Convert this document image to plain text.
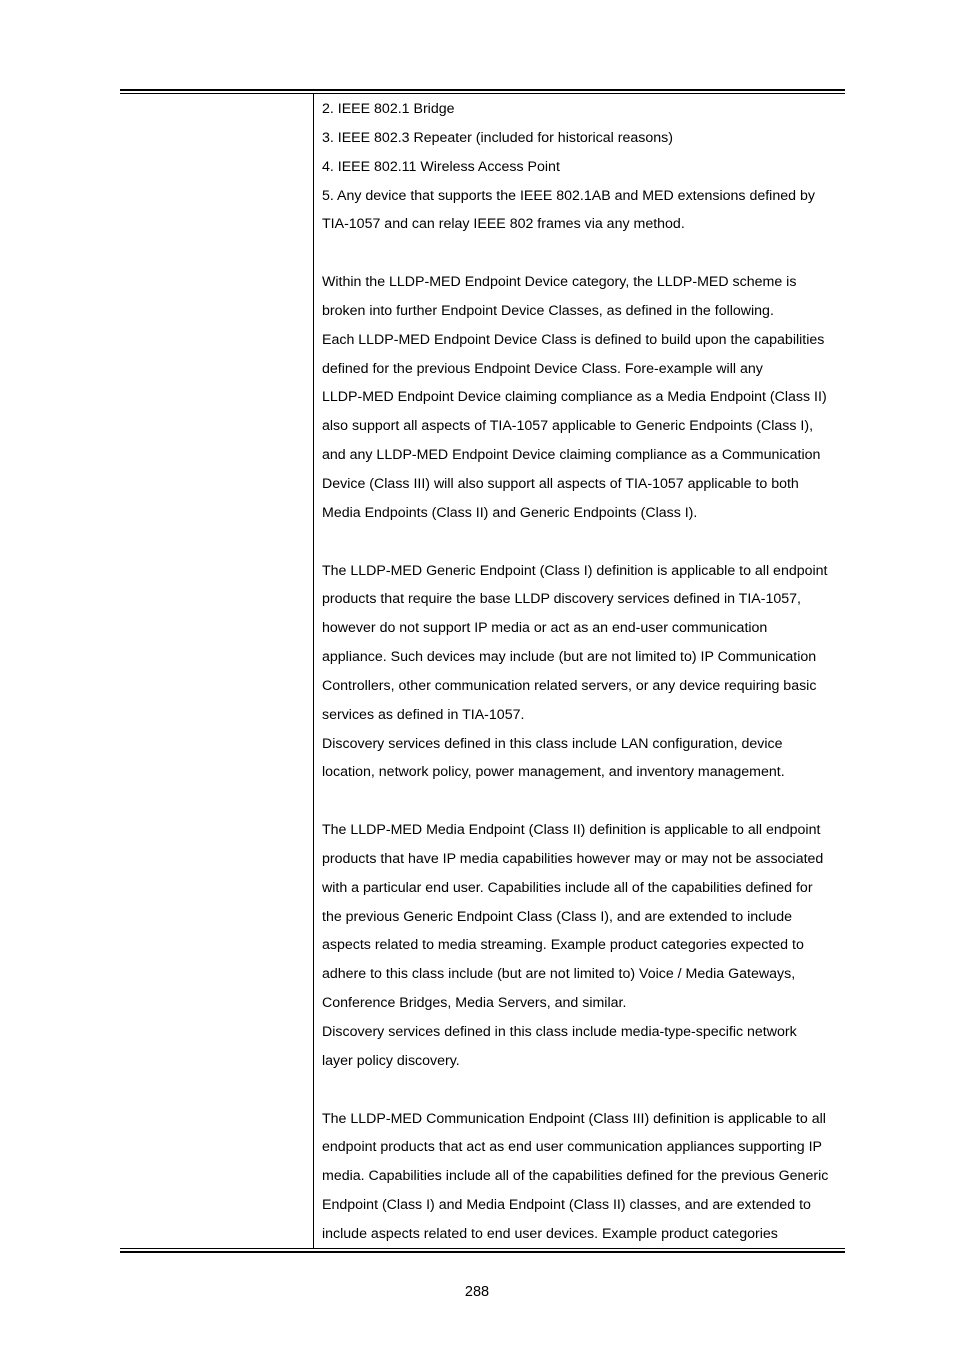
2. IEEE 802.1 Bridge
3. IEEE 802.3 Repeater (included for historical reasons)
4. IEEE 802.11 Wireless Access Point
5. Any device that supports the IEEE 802.1AB and MED extensions defined by
TIA-1057 and can relay IEEE 802 frames via any method.
Within the LLDP-MED Endpoint Device category, the LLDP-MED scheme is
broken into further Endpoint Device Classes, as defined in the following.
Each LLDP-MED Endpoint Device Class is defined to build upon the capabilities
defined for the previous Endpoint Device Class. Fore-example will any
LLDP-MED Endpoint Device claiming compliance as a Media Endpoint (Class II)
also support all aspects of TIA-1057 applicable to Generic Endpoints (Class I),
and any LLDP-MED Endpoint Device claiming compliance as a Communication
Device (Class III) will also support all aspects of TIA-1057 applicable to both
Media Endpoints (Class II) and Generic Endpoints (Class I).
The LLDP-MED Generic Endpoint (Class I) definition is applicable to all endpoint
products that require the base LLDP discovery services defined in TIA-1057,
however do not support IP media or act as an end-user communication
appliance. Such devices may include (but are not limited to) IP Communication
Controllers, other communication related servers, or any device requiring basic
services as defined in TIA-1057.
Discovery services defined in this class include LAN configuration, device
location, network policy, power management, and inventory management.
The LLDP-MED Media Endpoint (Class II) definition is applicable to all endpoint
products that have IP media capabilities however may or may not be associated
with a particular end user. Capabilities include all of the capabilities defined for
the previous Generic Endpoint Class (Class I), and are extended to include
aspects related to media streaming. Example product categories expected to
adhere to this class include (but are not limited to) Voice / Media Gateways,
Conference Bridges, Media Servers, and similar.
Discovery services defined in this class include media-type-specific network
layer policy discovery.
The LLDP-MED Communication Endpoint (Class III) definition is applicable to all
endpoint products that act as end user communication appliances supporting IP
media. Capabilities include all of the capabilities defined for the previous Generic
Endpoint (Class I) and Media Endpoint (Class II) classes, and are extended to
include aspects related to end user devices. Example product categories
288
